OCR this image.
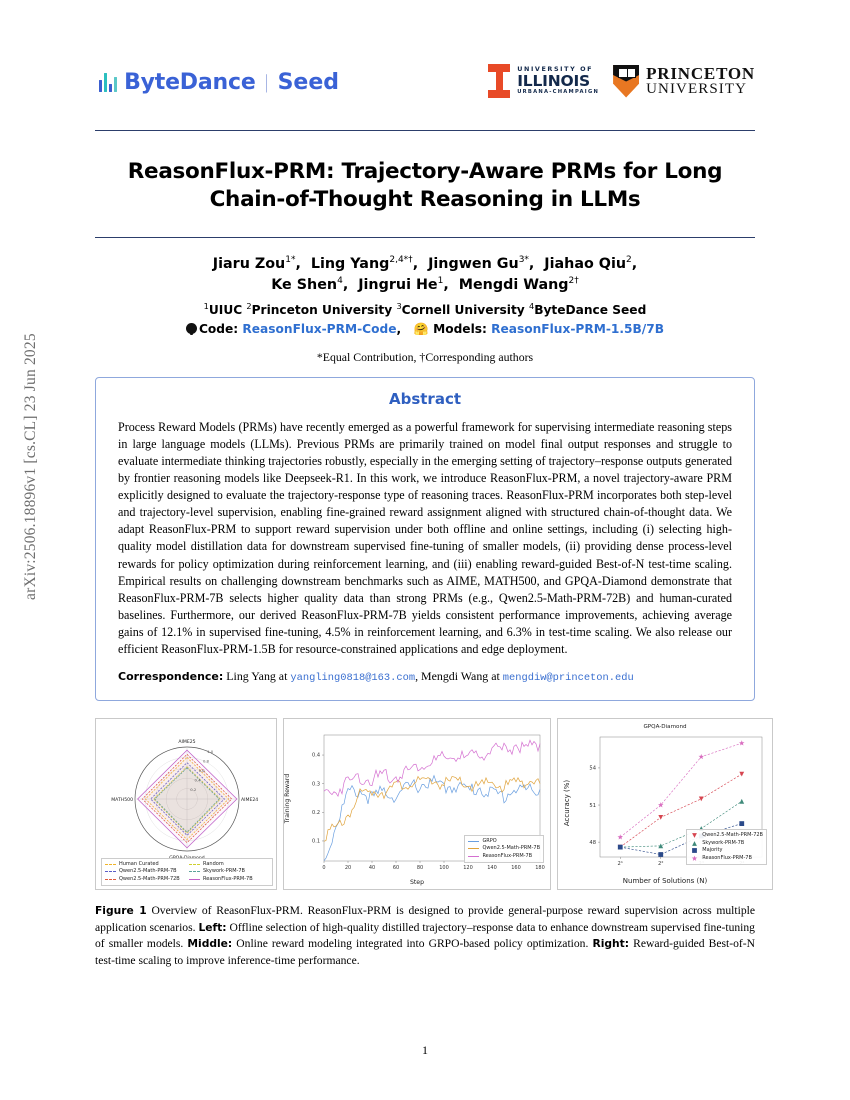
arXiv:2506.18896v1 [cs.CL] 23 Jun 2025
ByteDance | Seed
UNIVERSITY OF
ILLINOIS
URBANA-CHAMPAIGN
PRINCETON
UNIVERSITY
ReasonFlux-PRM: Trajectory-Aware PRMs for Long Chain-of-Thought Reasoning in LLMs
Jiaru Zou$^{1*}$,  Ling Yang$^{2,4*\dagger}$,  Jingwen $Gu^{3*}$,  Jiahao Qiu$^2$,
Ke Shen$^4$,  Jingrui He$^1$,  Mengdi Wang$^{2\dagger}$
$^1$UIUC $^2$Princeton University $^3$Cornell University $^4$ByteDance Seed
Code: ReasonFlux-PRM-Code, 🤗 Models: ReasonFlux-PRM-1.5B/7B
*Equal Contribution, †Corresponding authors
Abstract
Process Reward Models (PRMs) have recently emerged as a powerful framework for supervising intermediate reasoning steps in large language models (LLMs). Previous PRMs are primarily trained on model final output responses and struggle to evaluate intermediate thinking trajectories robustly, especially in the emerging setting of trajectory–response outputs generated by frontier reasoning models like Deepseek-R1. In this work, we introduce ReasonFlux-PRM, a novel trajectory-aware PRM explicitly designed to evaluate the trajectory-response type of reasoning traces. ReasonFlux-PRM incorporates both step-level and trajectory-level supervision, enabling fine-grained reward assignment aligned with structured chain-of-thought data. We adapt ReasonFlux-PRM to support reward supervision under both offline and online settings, including (i) selecting high-quality model distillation data for downstream supervised fine-tuning of smaller models, (ii) providing dense process-level rewards for policy optimization during reinforcement learning, and (iii) enabling reward-guided Best-of-N test-time scaling. Empirical results on challenging downstream benchmarks such as AIME, MATH500, and GPQA-Diamond demonstrate that ReasonFlux-PRM-7B selects higher quality data than strong PRMs (e.g., Qwen2.5-Math-PRM-72B) and human-curated baselines. Furthermore, our derived ReasonFlux-PRM-7B yields consistent performance improvements, achieving average gains of 12.1% in supervised fine-tuning, 4.5% in reinforcement learning, and 6.3% in test-time scaling. We also release our efficient ReasonFlux-PRM-1.5B for resource-constrained applications and edge deployment.
Correspondence: Ling Yang at yangling0818@163.com, Mengdi Wang at mengdiw@princeton.edu
0.2
0.4
0.6
0.8
1.0
AIME25
AIME24
MATH500
Human Curated	Random
Qwen2.5-Math-PRM-7B	Skywork-PRM-7B
Qwen2.5-Math-PRM-72B	ReasonFlux-PRM-7B
0	20	40	60	80	100	120	140	160	180
0.1
0.2
0.3
0.4
Step
Training Reward
GRPO
Qwen2.5-Math-PRM-7B
ReasonFlux-PRM-7B
GPQA-Diamond
2¹	2²
48
51
54
Number of Solutions (N)
Accuracy (%)
Qwen2.5-Math-PRM-72B
Skywork-PRM-7B
Majority
ReasonFlux-PRM-7B
Figure 1 Overview of ReasonFlux-PRM. ReasonFlux-PRM is designed to provide general-purpose reward supervision across multiple application scenarios. Left: Offline selection of high-quality distilled trajectory–response data to enhance downstream supervised fine-tuning of smaller models. Middle: Online reward modeling integrated into GRPO-based policy optimization. Right: Reward-guided Best-of-N test-time scaling to improve inference-time performance.
1
